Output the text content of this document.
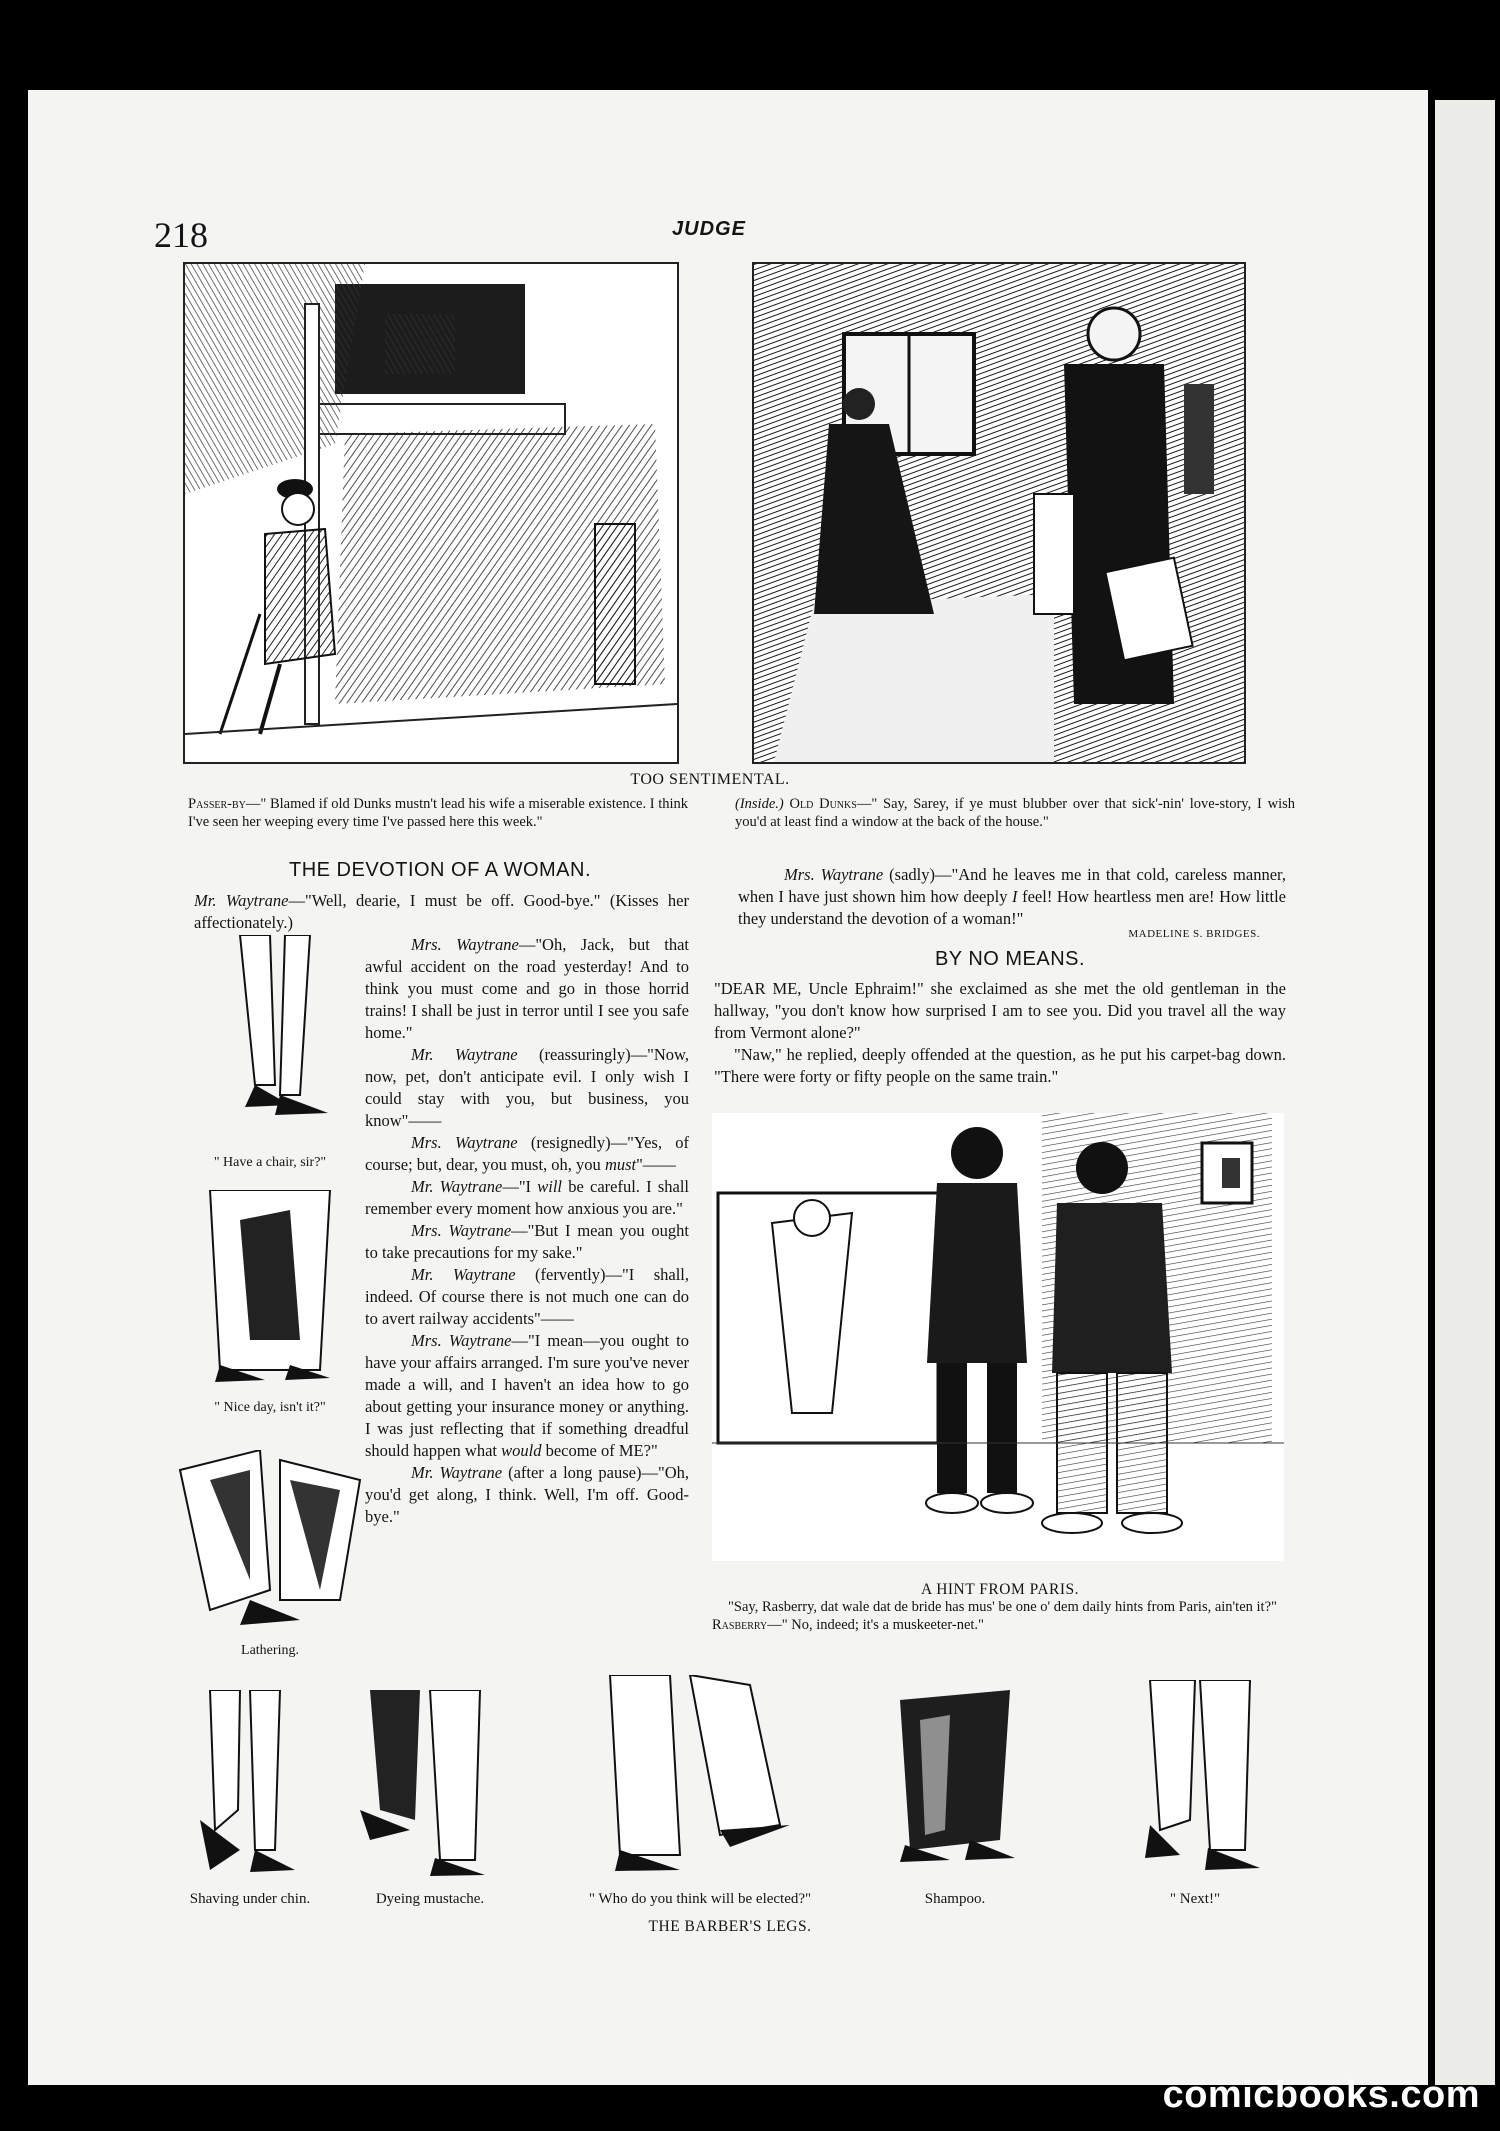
218	JUDGE
TOO SENTIMENTAL.
Passer-by—" Blamed if old Dunks mustn't lead his wife a miserable existence. I think I've seen her weeping every time I've passed here this week."
(Inside.) Old Dunks—" Say, Sarey, if ye must blubber over that sick'-nin' love-story, I wish you'd at least find a window at the back of the house."
THE DEVOTION OF A WOMAN.
Mr. Waytrane—"Well, dearie, I must be off. Good-bye." (Kisses her affectionately.)
Mrs. Waytrane—"Oh, Jack, but that awful accident on the road yesterday! And to think you must come and go in those horrid trains! I shall be just in terror until I see you safe home."
Mr. Waytrane (reassuringly)—"Now, now, pet, don't anticipate evil. I only wish I could stay with you, but business, you know"——
Mrs. Waytrane (resignedly)—"Yes, of course; but, dear, you must, oh, you must"——
Mr. Waytrane—"I will be careful. I shall remember every moment how anxious you are."
Mrs. Waytrane—"But I mean you ought to take precautions for my sake."
Mr. Waytrane (fervently)—"I shall, indeed. Of course there is not much one can do to avert railway accidents"——
Mrs. Waytrane—"I mean—you ought to have your affairs arranged. I'm sure you've never made a will, and I haven't an idea how to go about getting your insurance money or anything. I was just reflecting that if something dreadful should happen what would become of ME?"
Mr. Waytrane (after a long pause)—"Oh, you'd get along, I think. Well, I'm off. Good-bye."
" Have a chair, sir?"
" Nice day, isn't it?"
Lathering.
Mrs. Waytrane (sadly)—"And he leaves me in that cold, careless manner, when I have just shown him how deeply I feel! How heartless men are! How little they understand the devotion of a woman!"
MADELINE S. BRIDGES.
BY NO MEANS.
"DEAR ME, Uncle Ephraim!" she exclaimed as she met the old gentleman in the hallway, "you don't know how surprised I am to see you. Did you travel all the way from Vermont alone?"
"Naw," he replied, deeply offended at the question, as he put his carpet-bag down. "There were forty or fifty people on the same train."
A HINT FROM PARIS.
"Say, Rasberry, dat wale dat de bride has mus' be one o' dem daily hints from Paris, ain'ten it?"
Rasberry—" No, indeed; it's a muskeeter-net."
Shaving under chin.	Dyeing mustache.	" Who do you think will be elected?"	Shampoo.	" Next!"
THE BARBER'S LEGS.
comicbooks.com
